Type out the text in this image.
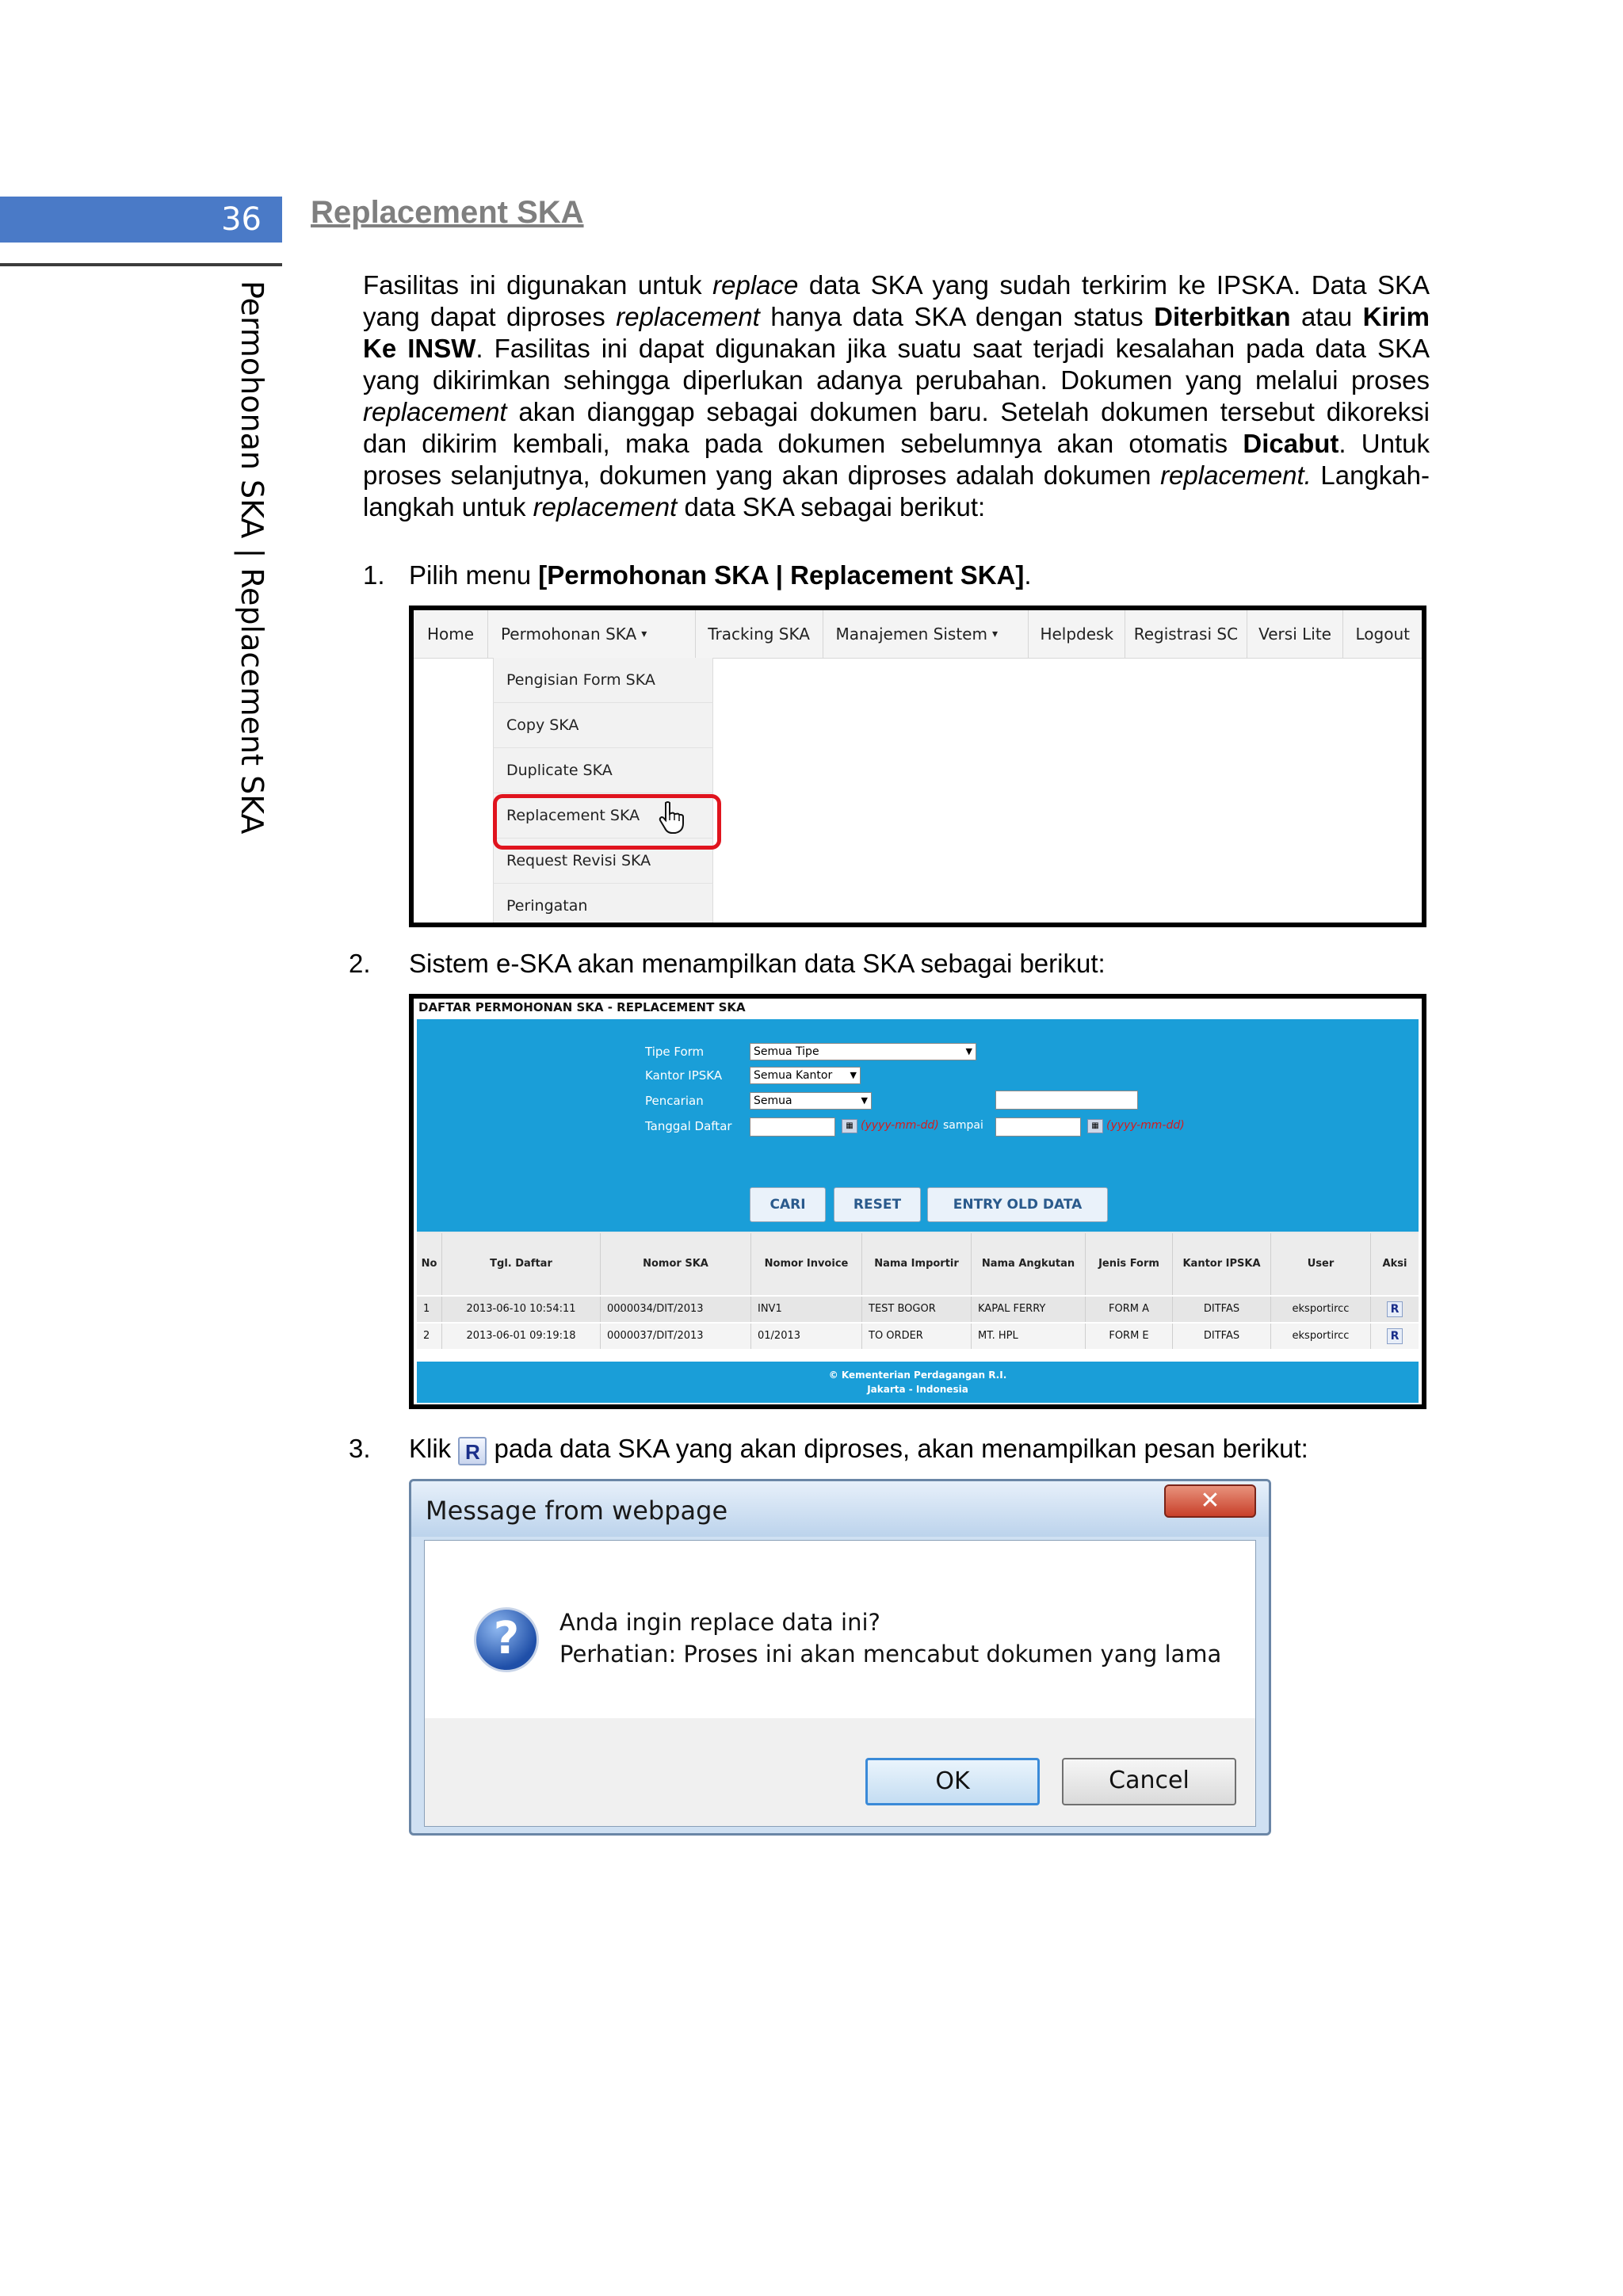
36 Replacement SKA
Permohonan SKA | Replacement SKA	Fasilitas ini digunakan untuk replace data SKA yang sudah terkirim ke IPSKA. Data SKA yang dapat diproses replacement hanya data SKA dengan status Diterbitkan atau Kirim Ke INSW. Fasilitas ini dapat digunakan jika suatu saat terjadi kesalahan pada data SKA yang dikirimkan sehingga diperlukan adanya perubahan. Dokumen yang melalui proses replacement akan dianggap sebagai dokumen baru. Setelah dokumen tersebut dikoreksi dan dikirim kembali, maka pada dokumen sebelumnya akan otomatis Dicabut. Untuk proses selanjutnya, dokumen yang akan diproses adalah dokumen replacement. Langkah-langkah untuk replacement data SKA sebagai berikut:

1. Pilih menu [Permohonan SKA | Replacement SKA].
Home Permohonan SKA ▾	Tracking SKA Manajemen Sistem ▾	Helpdesk Registrasi SC Versi Lite Logout
Pengisian Form SKA
Copy SKA
Duplicate SKA
Replacement SKA
Request Revisi SKA
Peringatan
2. Sistem e-SKA akan menampilkan data SKA sebagai berikut:
DAFTAR PERMOHONAN SKA - REPLACEMENT SKA
Tipe Form	Semua Tipe	▼
Kantor IPSKA	Semua Kantor ▼
Pencarian	Semua	▼
Tanggal Daftar	▦ (yyyy-mm-dd) sampai	▦ (yyyy-mm-dd)
CARI	RESET	ENTRY OLD DATA
No	Tgl. Daftar	Nomor SKA	Nomor Invoice	Nama Importir	Nama Angkutan	Jenis Form	Kantor IPSKA	User	Aksi
1	2013-06-10 10:54:11	0000034/DIT/2013	INV1	TEST BOGOR	KAPAL FERRY	FORM A	DITFAS	eksportircc	R
2	2013-06-01 09:19:18	0000037/DIT/2013	01/2013	TO ORDER	MT. HPL	FORM E	DITFAS	eksportircc	R
© Kementerian Perdagangan R.I.
Jakarta - Indonesia
3. Klik R pada data SKA yang akan diproses, akan menampilkan pesan berikut:
Message from webpage	✕
?	Anda ingin replace data ini?
Perhatian: Proses ini akan mencabut dokumen yang lama
OK	Cancel
